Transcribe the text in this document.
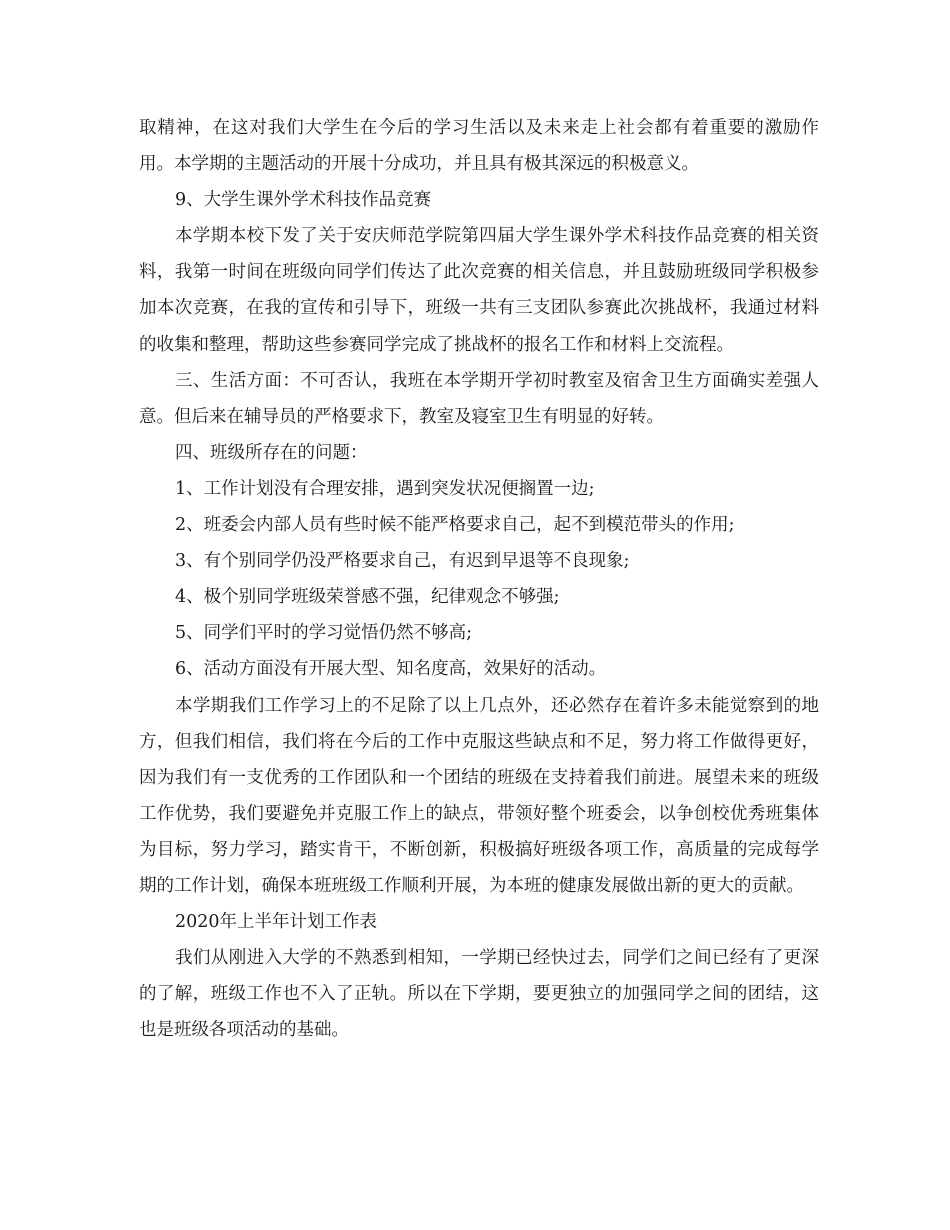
取精神，在这对我们大学生在今后的学习生活以及未来走上社会都有着重要的激励作用。本学期的主题活动的开展十分成功，并且具有极其深远的积极意义。

9、大学生课外学术科技作品竞赛

本学期本校下发了关于安庆师范学院第四届大学生课外学术科技作品竞赛的相关资料，我第一时间在班级向同学们传达了此次竞赛的相关信息，并且鼓励班级同学积极参加本次竞赛，在我的宣传和引导下，班级一共有三支团队参赛此次挑战杯，我通过材料的收集和整理，帮助这些参赛同学完成了挑战杯的报名工作和材料上交流程。

三、生活方面：不可否认，我班在本学期开学初时教室及宿舍卫生方面确实差强人意。但后来在辅导员的严格要求下，教室及寝室卫生有明显的好转。

四、班级所存在的问题：

1、工作计划没有合理安排，遇到突发状况便搁置一边;

2、班委会内部人员有些时候不能严格要求自己，起不到模范带头的作用;

3、有个别同学仍没严格要求自己，有迟到早退等不良现象;

4、极个别同学班级荣誉感不强，纪律观念不够强;

5、同学们平时的学习觉悟仍然不够高;

6、活动方面没有开展大型、知名度高，效果好的活动。

本学期我们工作学习上的不足除了以上几点外，还必然存在着许多未能觉察到的地方，但我们相信，我们将在今后的工作中克服这些缺点和不足，努力将工作做得更好，因为我们有一支优秀的工作团队和一个团结的班级在支持着我们前进。展望未来的班级工作优势，我们要避免并克服工作上的缺点，带领好整个班委会，以争创校优秀班集体为目标，努力学习，踏实肯干，不断创新，积极搞好班级各项工作，高质量的完成每学期的工作计划，确保本班班级工作顺利开展，为本班的健康发展做出新的更大的贡献。

2020年上半年计划工作表

我们从刚进入大学的不熟悉到相知，一学期已经快过去，同学们之间已经有了更深的了解，班级工作也不入了正轨。所以在下学期，要更独立的加强同学之间的团结，这也是班级各项活动的基础。
